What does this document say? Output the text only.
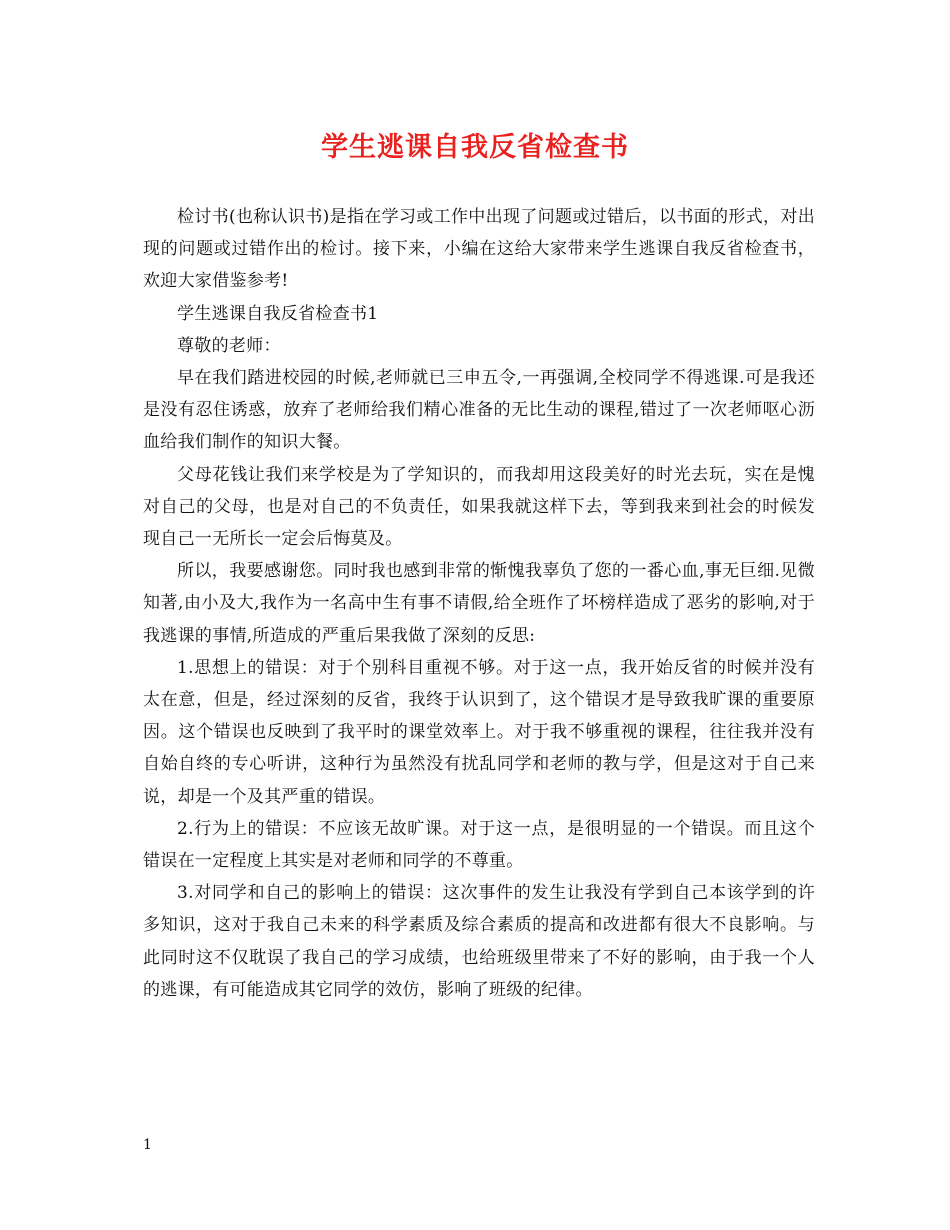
学生逃课自我反省检查书

检讨书(也称认识书)是指在学习或工作中出现了问题或过错后，以书面的形式，对出现的问题或过错作出的检讨。接下来，小编在这给大家带来学生逃课自我反省检查书，欢迎大家借鉴参考!

学生逃课自我反省检查书1

尊敬的老师：

早在我们踏进校园的时候,老师就已三申五令,一再强调,全校同学不得逃课.可是我还是没有忍住诱惑，放弃了老师给我们精心准备的无比生动的课程,错过了一次老师呕心沥血给我们制作的知识大餐。

父母花钱让我们来学校是为了学知识的，而我却用这段美好的时光去玩，实在是愧对自己的父母，也是对自己的不负责任，如果我就这样下去，等到我来到社会的时候发现自己一无所长一定会后悔莫及。

所以，我要感谢您。同时我也感到非常的惭愧我辜负了您的一番心血,事无巨细.见微知著,由小及大,我作为一名高中生有事不请假,给全班作了坏榜样造成了恶劣的影响,对于我逃课的事情,所造成的严重后果我做了深刻的反思:

1.思想上的错误：对于个别科目重视不够。对于这一点，我开始反省的时候并没有太在意，但是，经过深刻的反省，我终于认识到了，这个错误才是导致我旷课的重要原因。这个错误也反映到了我平时的课堂效率上。对于我不够重视的课程，往往我并没有自始自终的专心听讲，这种行为虽然没有扰乱同学和老师的教与学，但是这对于自己来说，却是一个及其严重的错误。

2.行为上的错误：不应该无故旷课。对于这一点，是很明显的一个错误。而且这个错误在一定程度上其实是对老师和同学的不尊重。

3.对同学和自己的影响上的错误：这次事件的发生让我没有学到自己本该学到的许多知识，这对于我自己未来的科学素质及综合素质的提高和改进都有很大不良影响。与此同时这不仅耽误了我自己的学习成绩，也给班级里带来了不好的影响，由于我一个人的逃课，有可能造成其它同学的效仿，影响了班级的纪律。

1
